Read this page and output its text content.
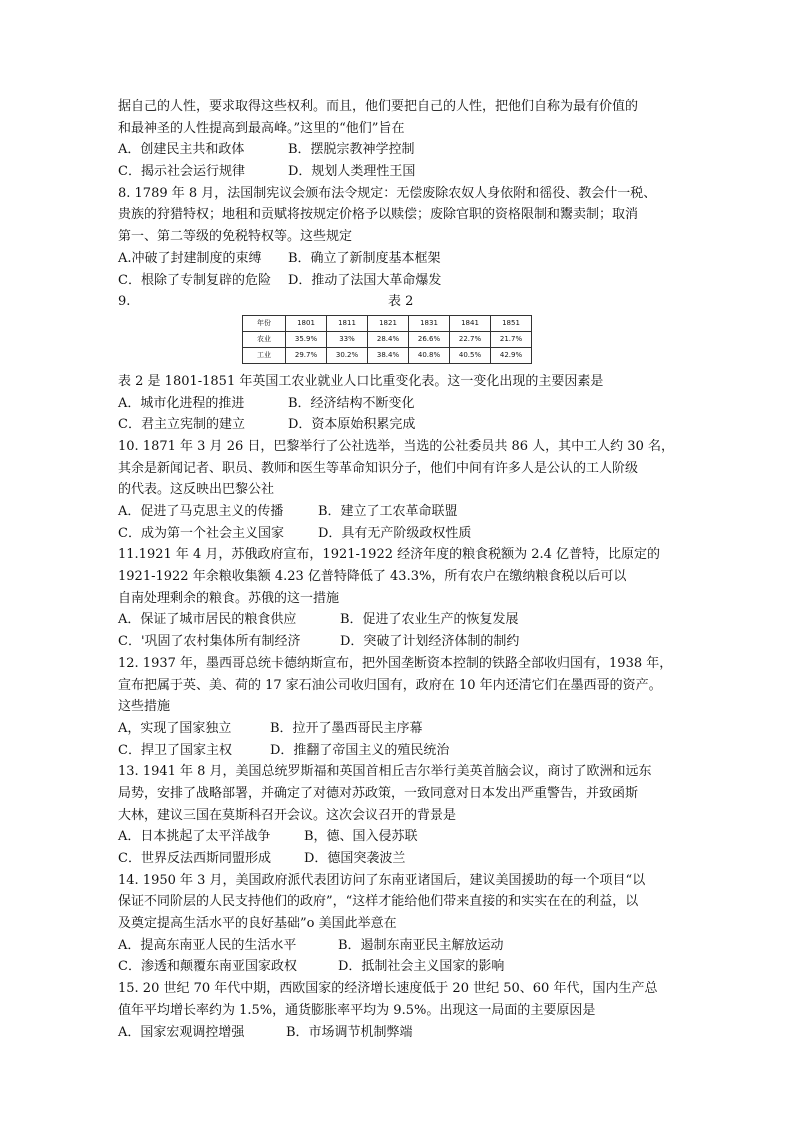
据自己的人性，要求取得这些权利。而且，他们要把自己的人性，把他们自称为最有价值的
和最神圣的人性提高到最高峰。”这里的“他们”旨在
A．创建民主共和政体	B．摆脱宗教神学控制
C．揭示社会运行规律	D．规划人类理性王国
8. 1789 年 8 月，法国制宪议会颁布法令规定：无偿废除农奴人身依附和徭役、教会什一税、
贵族的狩猎特权；地租和贡赋将按规定价格予以赎偿；废除官职的资格限制和鬻卖制；取消
第一、第二等级的免税特权等。这些规定
A.冲破了封建制度的束缚 B．确立了新制度基本框架
C．根除了专制复辟的危险 D．推动了法国大革命爆发
9.	表 2
年份	1801	1811	1821	1831	1841	1851
农业	35.9%	33%	28.4%	26.6%	22.7%	21.7%
工业	29.7%	30.2%	38.4%	40.8%	40.5%	42.9%
表 2 是 1801-1851 年英国工农业就业人口比重变化表。这一变化出现的主要因素是
A．城市化进程的推进	B．经济结构不断变化
C．君主立宪制的建立	D．资本原始积累完成
10. 1871 年 3 月 26 日，巴黎举行了公社选举，当选的公社委员共 86 人，其中工人约 30 名，
其余是新闻记者、职员、教师和医生等革命知识分子，他们中间有许多人是公认的工人阶级
的代表。这反映出巴黎公社
A．促进了马克思主义的传播	B．建立了工农革命联盟
C．成为第一个社会主义国家	D．具有无产阶级政权性质
11.1921 年 4 月，苏俄政府宣布，1921-1922 经济年度的粮食税额为 2.4 亿普特，比原定的
1921-1922 年余粮收集额 4.23 亿普特降低了 43.3%，所有农户在缴纳粮食税以后可以
自南处理剩余的粮食。苏俄的这一措施
A．保证了城市居民的粮食供应	B．促进了农业生产的恢复发展
C．'巩固了农村集体所有制经济	D．突破了计划经济体制的制约
12. 1937 年，墨西哥总统卡德纳斯宣布，把外国垄断资本控制的铁路全部收归国有，1938 年，
宣布把属于英、美、荷的 17 家石油公司收归国有，政府在 10 年内还清它们在墨西哥的资产。
这些措施
A，实现了国家独立	B．拉开了墨西哥民主序幕
C．捍卫了国家主权	D．推翻了帝国主义的殖民统治
13. 1941 年 8 月，美国总统罗斯福和英国首相丘吉尔举行美英首脑会议，商讨了欧洲和远东
局势，安排了战略部署，并确定了对德对苏政策，一致同意对日本发出严重警告，并致函斯
大林，建议三国在莫斯科召开会议。这次会议召开的背景是
A．日本挑起了太平洋战争	B，德、国入侵苏联
C．世界反法西斯同盟形成	D．德国突袭波兰
14. 1950 年 3 月，美国政府派代表团访问了东南亚诸国后，建议美国援助的每一个项目“以
保证不同阶层的人民支持他们的政府”，“这样才能给他们带来直接的和实实在在的利益，以
及奠定提高生活水平的良好基础”o 美国此举意在
A．提高东南亚人民的生活水平	B．遏制东南亚民主解放运动
C．渗透和颠覆东南亚国家政权	D．抵制社会主义国家的影响
15. 20 世纪 70 年代中期，西欧国家的经济增长速度低于 20 世纪 50、60 年代，国内生产总
值年平均增长率约为 1.5%，通货膨胀率平均为 9.5%。出现这一局面的主要原因是
A．国家宏观调控增强	B．市场调节机制弊端
